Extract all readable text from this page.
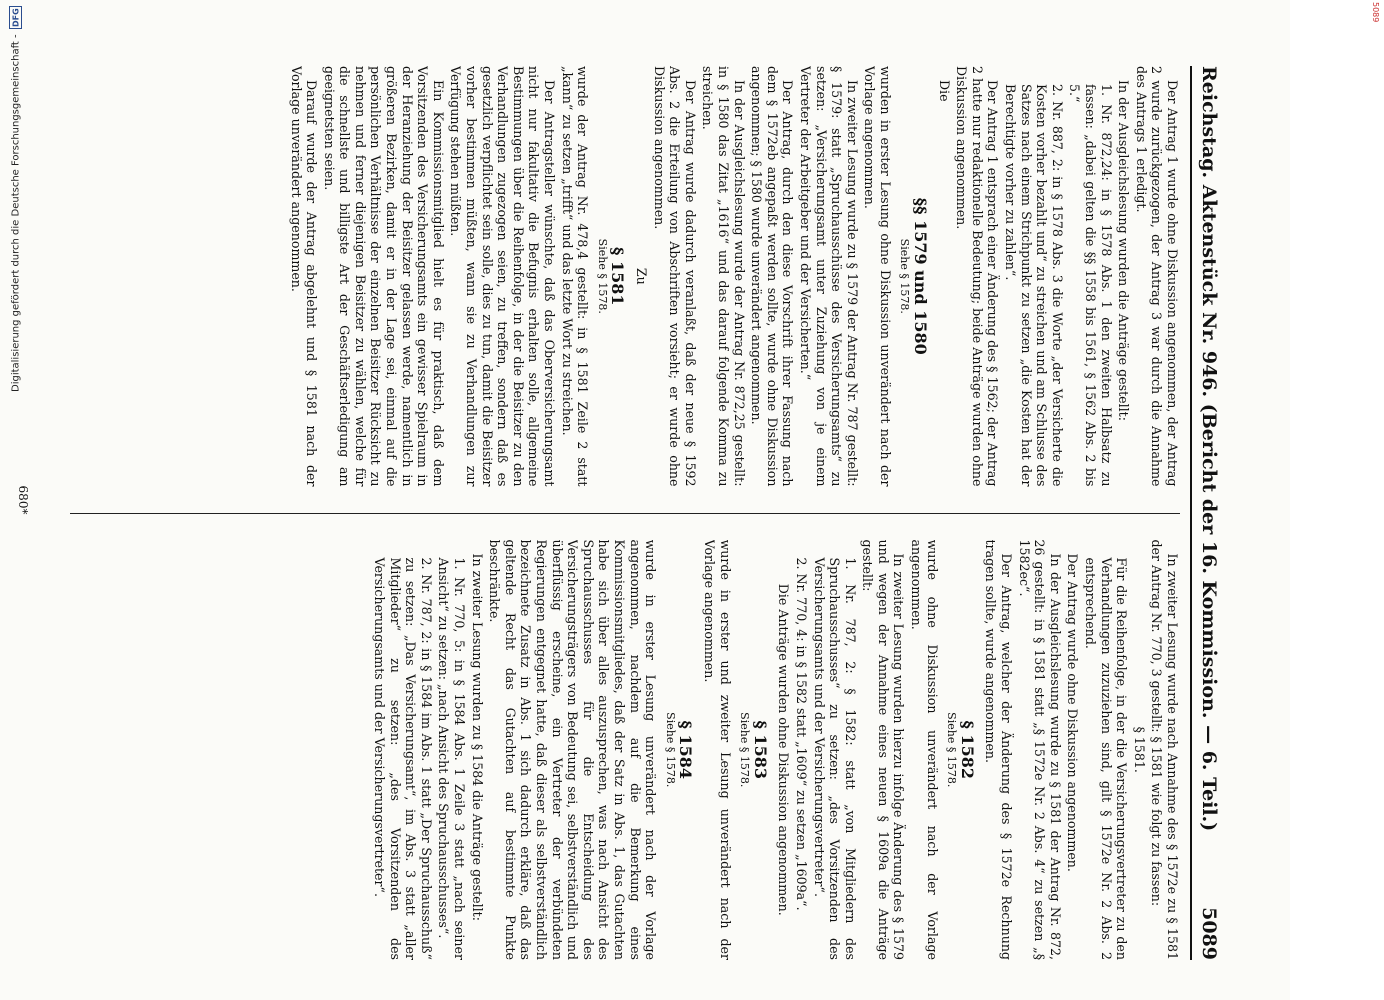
Reichstag. Aktenstück Nr. 946. (Bericht der 16. Kommission. — 6. Teil.)
5089

Der Antrag 1 wurde ohne Diskussion angenommen, der Antrag 2 wurde zurückgezogen, der Antrag 3 war durch die Annahme des Antrags 1 erledigt.

In der Ausgleichslesung wurden die Anträge gestellt:

1. Nr. 872,24: in § 1578 Abs. 1 den zweiten Halbsatz zu fassen: „dabei gelten die §§ 1558 bis 1561, § 1562 Abs. 2 bis 5.“

2. Nr. 887, 2: in § 1578 Abs. 3 die Worte „der Versicherte die Kosten vorher bezahlt und“ zu streichen und am Schlusse des Satzes nach einem Strichpunkt zu setzen „die Kosten hat der Berechtigte vorher zu zahlen“.

Der Antrag 1 entsprach einer Änderung des § 1562; der Antrag 2 hatte nur redaktionelle Bedeutung; beide Anträge wurden ohne Diskussion angenommen.

Die

§§ 1579 und 1580
Siehe § 1578.

wurden in erster Lesung ohne Diskussion unverändert nach der Vorlage angenommen.

In zweiter Lesung wurde zu § 1579 der Antrag Nr. 787 gestellt: § 1579: statt „Spruchausschüsse des Versicherungsamts“ zu setzen: „Versicherungsamt unter Zuziehung von je einem Vertreter der Arbeitgeber und der Versicherten.“

Der Antrag, durch den diese Vorschrift ihrer Fassung nach dem § 1572eb angepaßt werden sollte, wurde ohne Diskussion angenommen; § 1580 wurde unverändert angenommen.

In der Ausgleichslesung wurde der Antrag Nr. 872,25 gestellt: in § 1580 das Zitat „1616“ und das darauf folgende Komma zu streichen.

Der Antrag wurde dadurch veranlaßt, daß der neue § 1592 Abs. 2 die Erteilung von Abschriften vorsieht; er wurde ohne Diskussion angenommen.

Zu

§ 1581
Siehe § 1578.

wurde der Antrag Nr. 478,4 gestellt: in § 1581 Zeile 2 statt „kann“ zu setzen „trifft“ und das letzte Wort zu streichen.

Der Antragsteller wünschte, daß das Oberversicherungsamt nicht nur fakultativ die Befugnis erhalten solle, allgemeine Bestimmungen über die Reihenfolge, in der die Beisitzer zu den Verhandlungen zugezogen seien, zu treffen, sondern daß es gesetzlich verpflichtet sein solle, dies zu tun, damit die Beisitzer vorher bestimmen müßten, wann sie zu Verhandlungen zur Verfügung stehen müßten.

Ein Kommissionsmitglied hielt es für praktisch, daß dem Vorsitzenden des Versicherungsamts ein gewisser Spielraum in der Heranziehung der Beisitzer gelassen werde, namentlich in größeren Bezirken, damit er in der Lage sei, einmal auf die persönlichen Verhältnisse der einzelnen Beisitzer Rücksicht zu nehmen und ferner diejenigen Beisitzer zu wählen, welche für die schnellste und billigste Art der Geschäftserledigung am geeignetsten seien.

Darauf wurde der Antrag abgelehnt und § 1581 nach der Vorlage unverändert angenommen.

In zweiter Lesung wurde nach Annahme des § 1572e zu § 1581 der Antrag Nr. 770, 3 gestellt: § 1581 wie folgt zu fassen:

§ 1581.

Für die Reihenfolge, in der die Versicherungsvertreter zu den Verhandlungen zuzuziehen sind, gilt § 1572e Nr. 2 Abs. 2 entsprechend.

Der Antrag wurde ohne Diskussion angenommen.

In der Ausgleichslesung wurde zu § 1581 der Antrag Nr. 872, 26 gestellt: in § 1581 statt „§ 1572e Nr. 2 Abs. 4“ zu setzen „§ 1582ec“.

Der Antrag, welcher der Änderung des § 1572e Rechnung tragen sollte, wurde angenommen.

§ 1582
Siehe § 1578.

wurde ohne Diskussion unverändert nach der Vorlage angenommen.

In zweiter Lesung wurden hierzu infolge Änderung des § 1579 und wegen der Annahme eines neuen § 1609a die Anträge gestellt:

1. Nr. 787, 2: § 1582: statt „von Mitgliedern des Spruchausschusses“ zu setzen: „des Vorsitzenden des Versicherungsamts und der Versicherungsvertreter“.

2. Nr. 770, 4: in § 1582 statt „1609“ zu setzen „1609a“.

Die Anträge wurden ohne Diskussion angenommen.

§ 1583
Siehe § 1578.

wurde in erster und zweiter Lesung unverändert nach der Vorlage angenommen.

§ 1584
Siehe § 1578.

wurde in erster Lesung unverändert nach der Vorlage angenommen, nachdem auf die Bemerkung eines Kommissionsmitgliedes, daß der Satz in Abs. 1, das Gutachten habe sich über alles auszusprechen, was nach Ansicht des Spruchausschusses für die Entscheidung des Versicherungsträgers von Bedeutung sei, selbstverständlich und überflüssig erscheine, ein Vertreter der verbündeten Regierungen entgegnet hatte, daß dieser als selbstverständlich bezeichnete Zusatz in Abs. 1 sich dadurch erkläre, daß das geltende Recht das Gutachten auf bestimmte Punkte beschränkte.

In zweiter Lesung wurden zu § 1584 die Anträge gestellt:

1. Nr. 770, 5: in § 1584 Abs. 1 Zeile 3 statt „nach seiner Ansicht“ zu setzen: „nach Ansicht des Spruchausschusses“.

2. Nr. 787, 2: in § 1584 im Abs. 1 statt „Der Spruchausschuß“ zu setzen: „Das Versicherungsamt“, im Abs. 3 statt „aller Mitglieder“ zu setzen: „des Vorsitzenden des Versicherungsamts und der Versicherungsvertreter“.

680*
Digitalisierung gefördert durch die Deutsche Forschungsgemeinschaft -
DFG	5089
